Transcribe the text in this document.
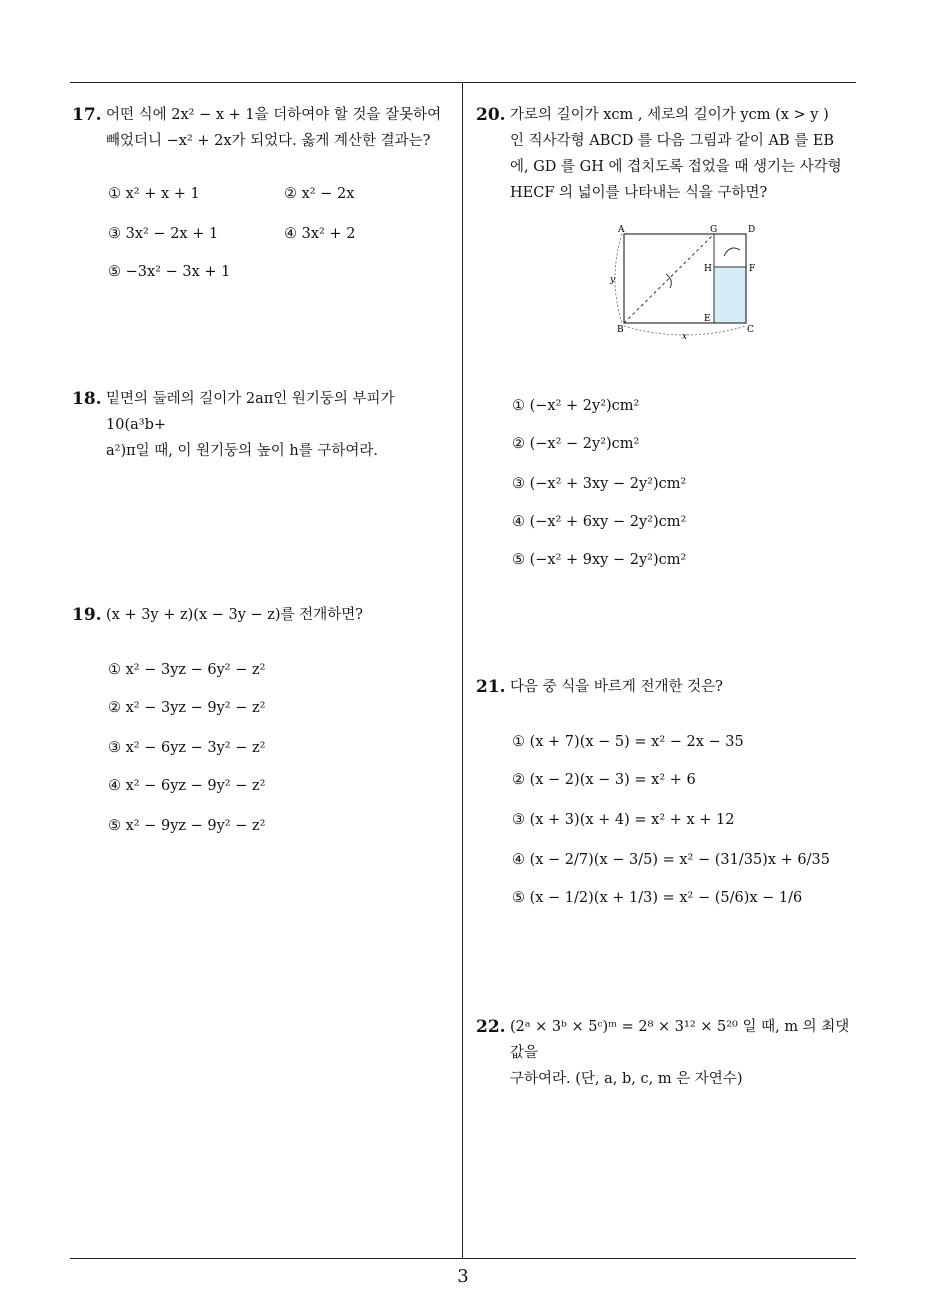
17. 어떤 식에 2x² − x + 1을 더하여야 할 것을 잘못하여
빼었더니 −x² + 2x가 되었다. 옳게 계산한 결과는?
① x² + x + 1	② x² − 2x
③ 3x² − 2x + 1	④ 3x² + 2
⑤ −3x² − 3x + 1
18. 밑면의 둘레의 길이가 2aπ인 원기둥의 부피가 10(a³b+
a²)π일 때, 이 원기둥의 높이 h를 구하여라.
19. (x + 3y + z)(x − 3y − z)를 전개하면?
① x² − 3yz − 6y² − z²
② x² − 3yz − 9y² − z²
③ x² − 6yz − 3y² − z²
④ x² − 6yz − 9y² − z²
⑤ x² − 9yz − 9y² − z²
20. 가로의 길이가 xcm , 세로의 길이가 ycm (x > y )
인 직사각형 ABCD 를 다음 그림과 같이 AB 를 EB
에, GD 를 GH 에 겹치도록 접었을 때 생기는 사각형
HECF 의 넓이를 나타내는 식을 구하면?
A	G	D
H	F
E
B	C
x
y
① (−x² + 2y²)cm²
② (−x² − 2y²)cm²
③ (−x² + 3xy − 2y²)cm²
④ (−x² + 6xy − 2y²)cm²
⑤ (−x² + 9xy − 2y²)cm²
21. 다음 중 식을 바르게 전개한 것은?
① (x + 7)(x − 5) = x² − 2x − 35
② (x − 2)(x − 3) = x² + 6
③ (x + 3)(x + 4) = x² + x + 12
④ (x − 2/7)(x − 3/5) = x² − (31/35)x + 6/35
⑤ (x − 1/2)(x + 1/3) = x² − (5/6)x − 1/6
22. (2ᵃ × 3ᵇ × 5ᶜ)ᵐ = 2⁸ × 3¹² × 5²⁰ 일 때, m 의 최댓값을
구하여라. (단, a, b, c, m 은 자연수)
3
